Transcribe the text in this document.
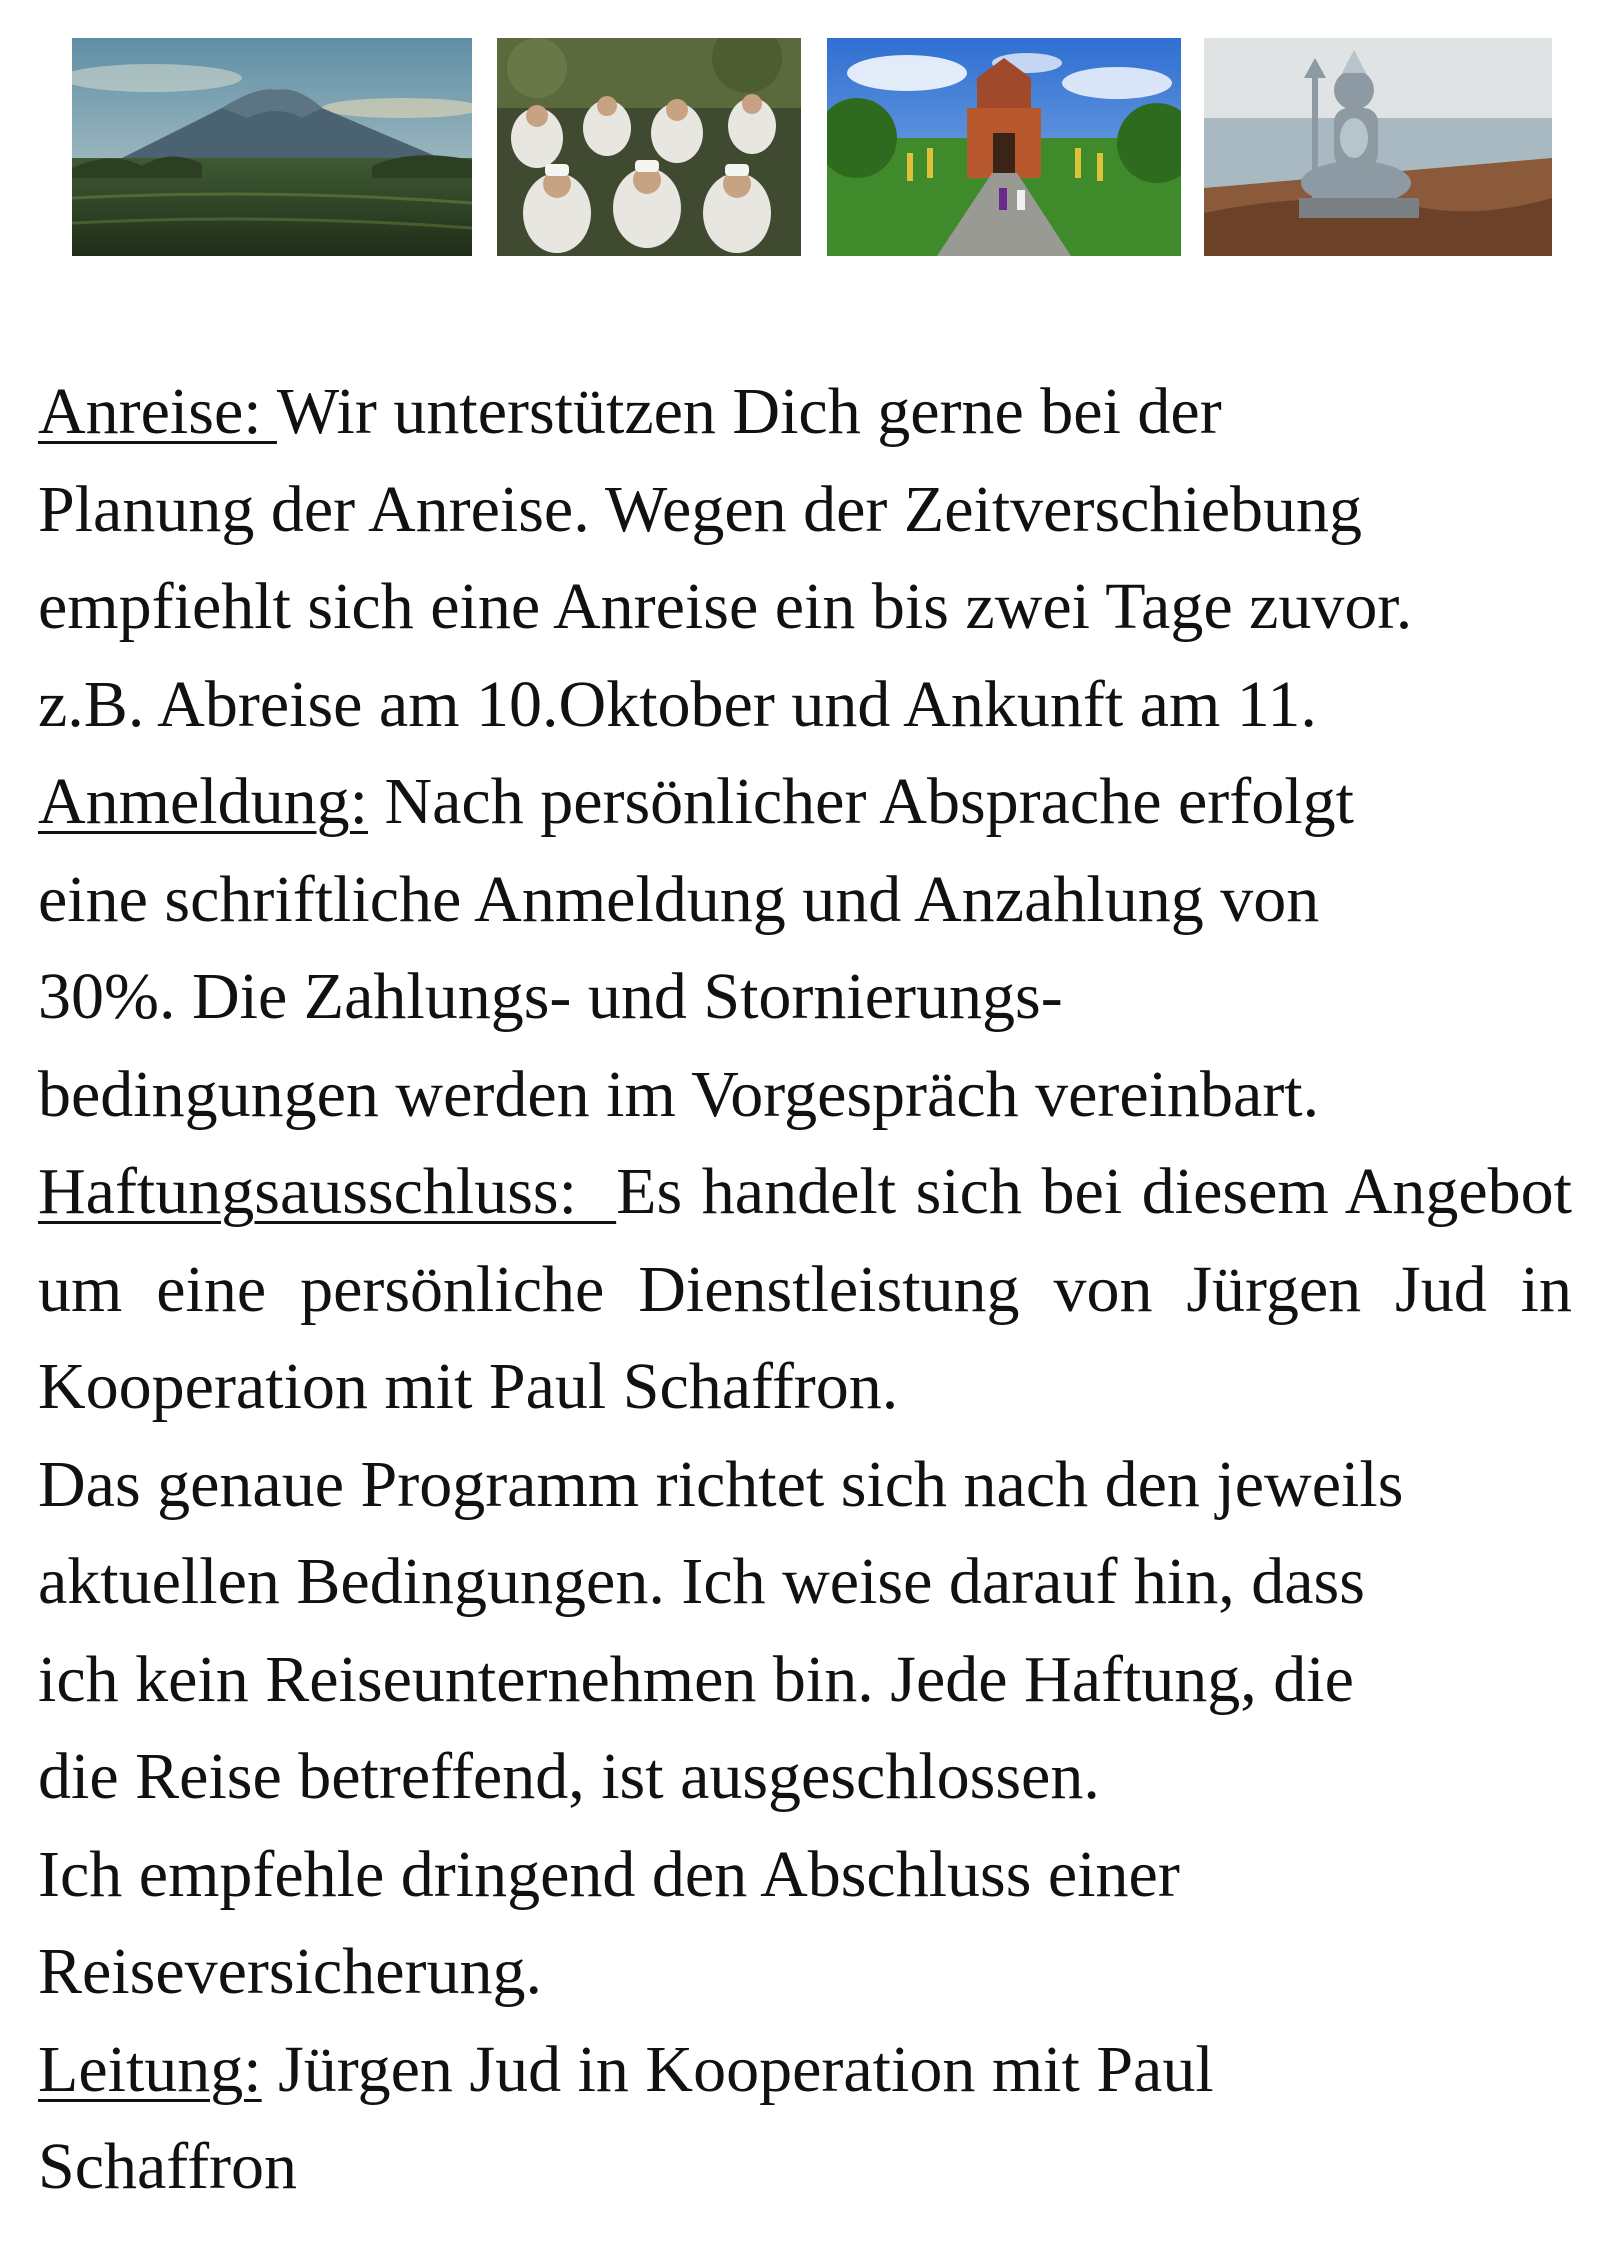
Anreise: Wir unterstützen Dich gerne bei der
Planung der Anreise. Wegen der Zeitverschiebung
empfiehlt sich eine Anreise ein bis zwei Tage zuvor.
z.B. Abreise am 10.Oktober und Ankunft am 11.

Anmeldung: Nach persönlicher Absprache erfolgt
eine schriftliche Anmeldung und Anzahlung von
30%. Die Zahlungs- und Stornierungs-
bedingungen werden im Vorgespräch vereinbart.

Haftungsausschluss:  Es handelt sich bei diesem Angebot um eine persönliche Dienstleistung von Jürgen Jud in Kooperation mit Paul Schaffron.

Das genaue Programm richtet sich nach den jeweils
aktuellen Bedingungen. Ich weise darauf hin, dass
ich kein Reiseunternehmen bin. Jede Haftung, die
die Reise betreffend, ist ausgeschlossen.
Ich empfehle dringend den Abschluss einer
Reiseversicherung.

Leitung: Jürgen Jud in Kooperation mit Paul
Schaffron
